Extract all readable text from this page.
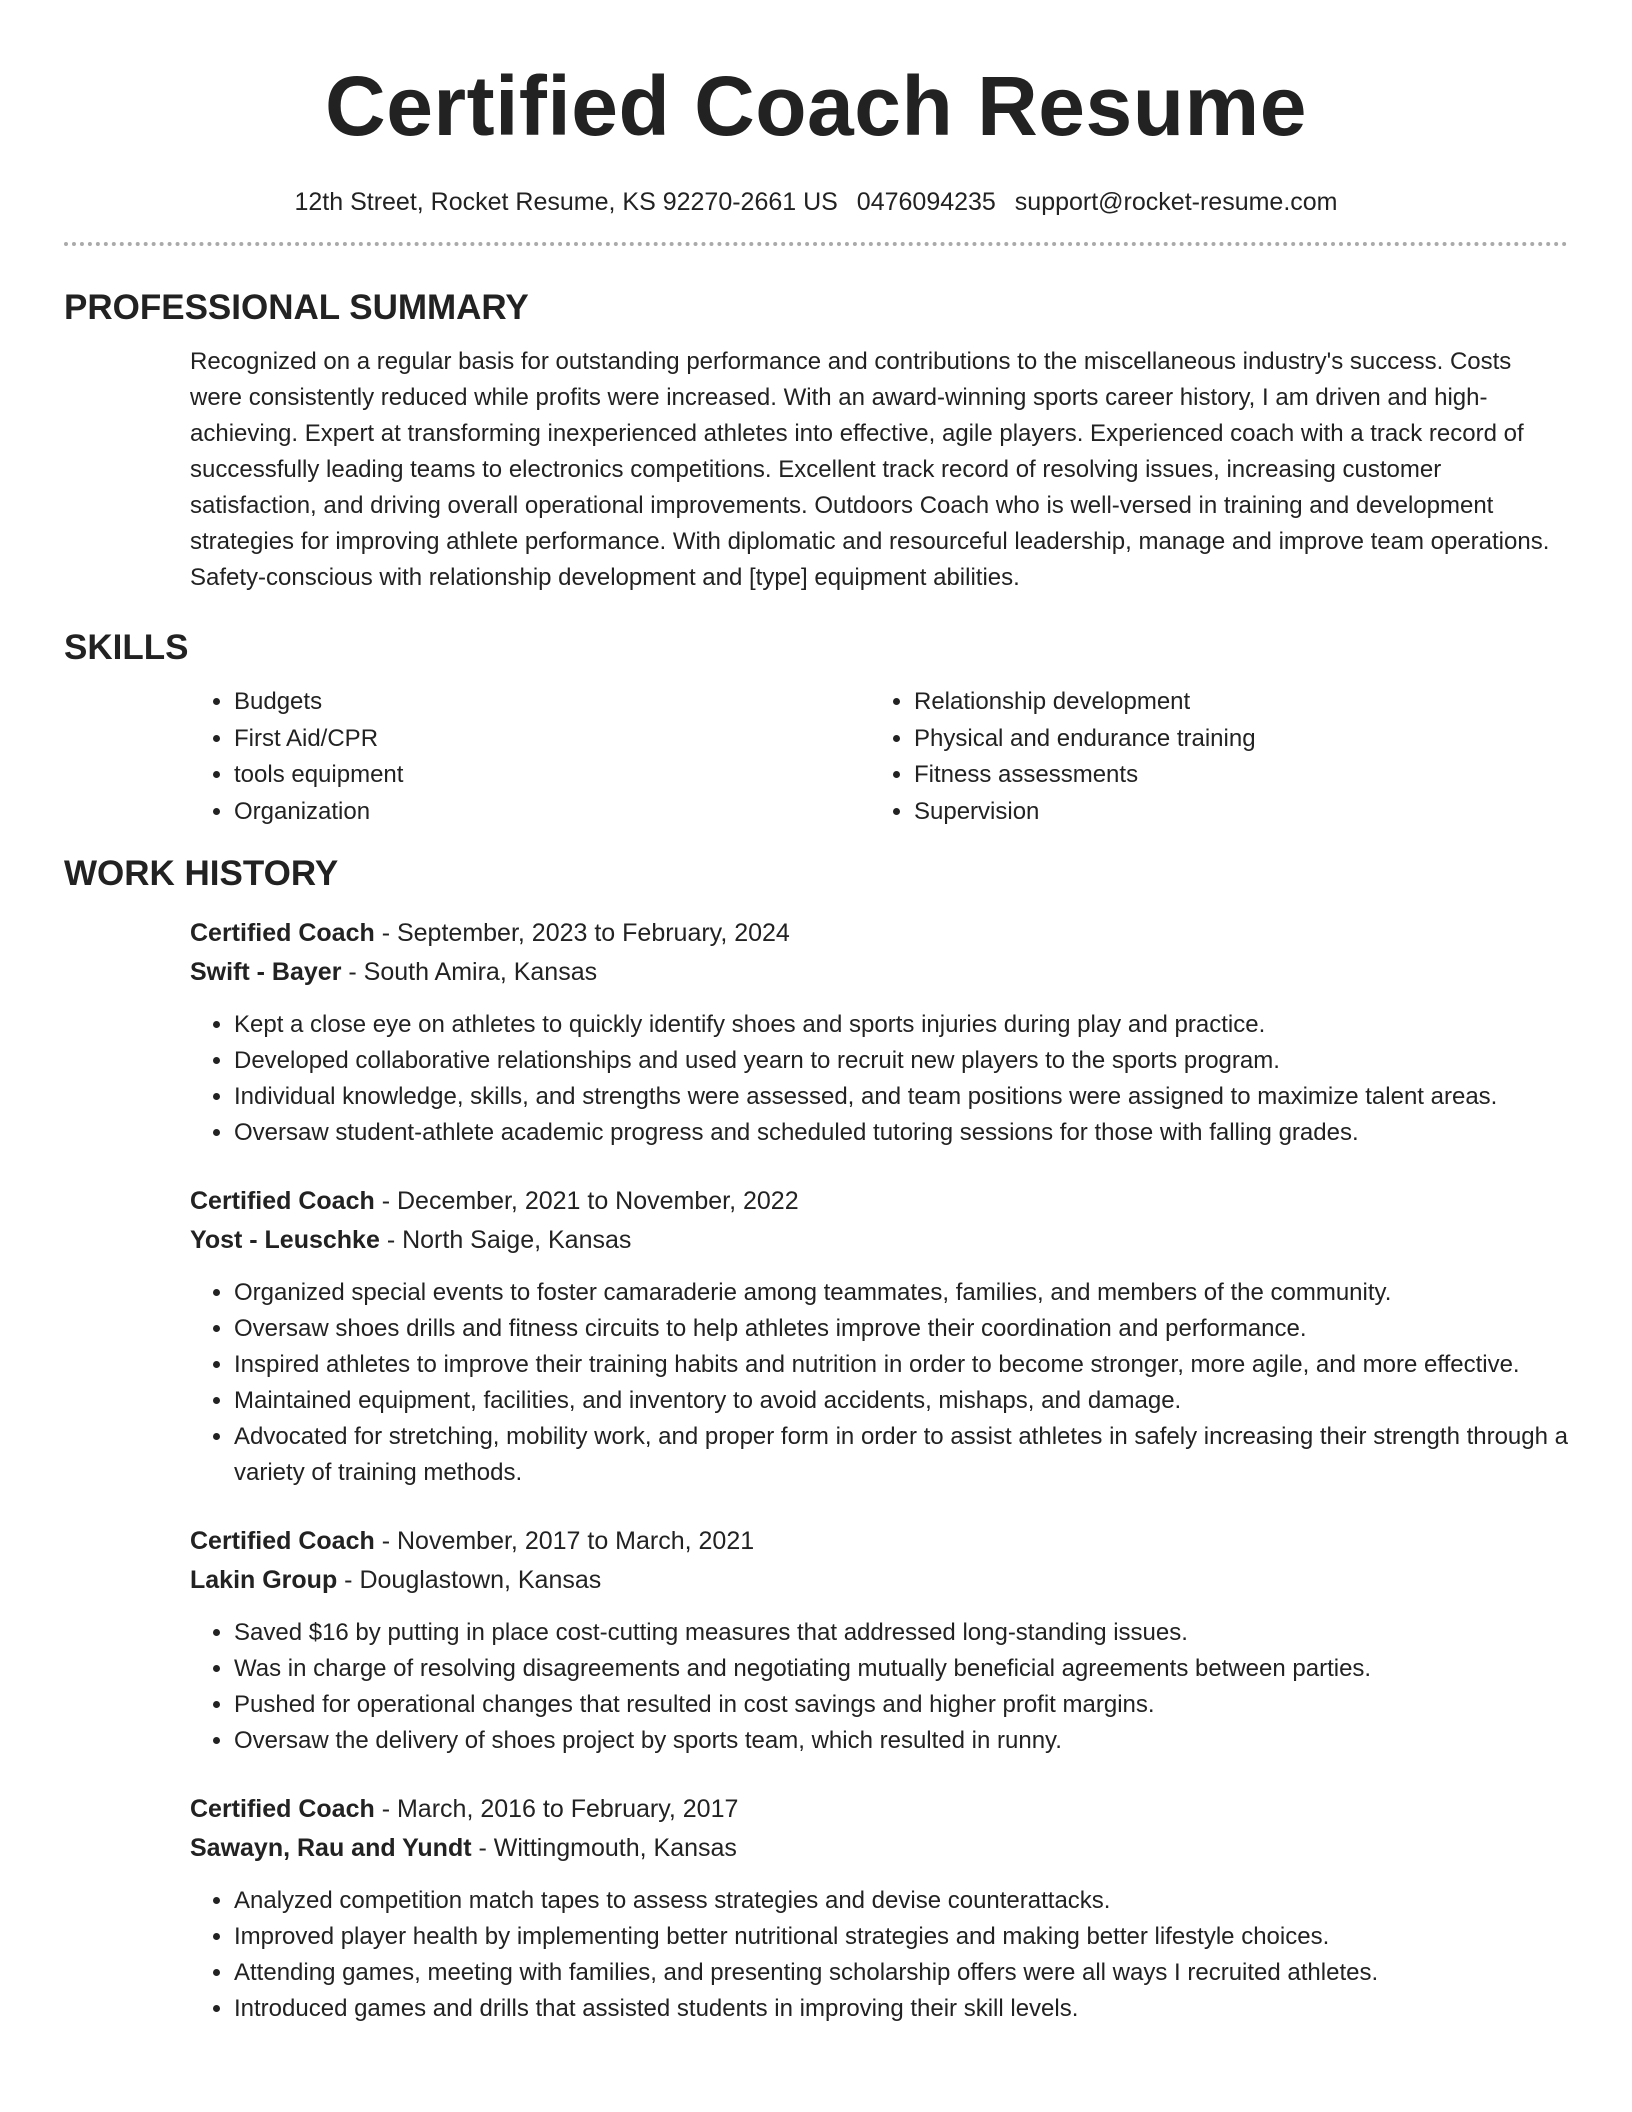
Certified Coach Resume
12th Street, Rocket Resume, KS 92270-2661 US 0476094235 support@rocket-resume.com
PROFESSIONAL SUMMARY

Recognized on a regular basis for outstanding performance and contributions to the miscellaneous industry's success. Costs were consistently reduced while profits were increased. With an award-winning sports career history, I am driven and high-achieving. Expert at transforming inexperienced athletes into effective, agile players. Experienced coach with a track record of successfully leading teams to electronics competitions. Excellent track record of resolving issues, increasing customer satisfaction, and driving overall operational improvements. Outdoors Coach who is well-versed in training and development strategies for improving athlete performance. With diplomatic and resourceful leadership, manage and improve team operations. Safety-conscious with relationship development and [type] equipment abilities.

SKILLS
• Budgets
• First Aid/CPR
• tools equipment
• Organization
• Relationship development
• Physical and endurance training
• Fitness assessments
• Supervision
WORK HISTORY
Certified Coach - September, 2023 to February, 2024
Swift - Bayer - South Amira, Kansas
• Kept a close eye on athletes to quickly identify shoes and sports injuries during play and practice.
• Developed collaborative relationships and used yearn to recruit new players to the sports program.
• Individual knowledge, skills, and strengths were assessed, and team positions were assigned to maximize talent areas.
• Oversaw student-athlete academic progress and scheduled tutoring sessions for those with falling grades.
Certified Coach - December, 2021 to November, 2022
Yost - Leuschke - North Saige, Kansas
• Organized special events to foster camaraderie among teammates, families, and members of the community.
• Oversaw shoes drills and fitness circuits to help athletes improve their coordination and performance.
• Inspired athletes to improve their training habits and nutrition in order to become stronger, more agile, and more effective.
• Maintained equipment, facilities, and inventory to avoid accidents, mishaps, and damage.
• Advocated for stretching, mobility work, and proper form in order to assist athletes in safely increasing their strength through a variety of training methods.
Certified Coach - November, 2017 to March, 2021
Lakin Group - Douglastown, Kansas
• Saved $16 by putting in place cost-cutting measures that addressed long-standing issues.
• Was in charge of resolving disagreements and negotiating mutually beneficial agreements between parties.
• Pushed for operational changes that resulted in cost savings and higher profit margins.
• Oversaw the delivery of shoes project by sports team, which resulted in runny.
Certified Coach - March, 2016 to February, 2017
Sawayn, Rau and Yundt - Wittingmouth, Kansas
• Analyzed competition match tapes to assess strategies and devise counterattacks.
• Improved player health by implementing better nutritional strategies and making better lifestyle choices.
• Attending games, meeting with families, and presenting scholarship offers were all ways I recruited athletes.
• Introduced games and drills that assisted students in improving their skill levels.
